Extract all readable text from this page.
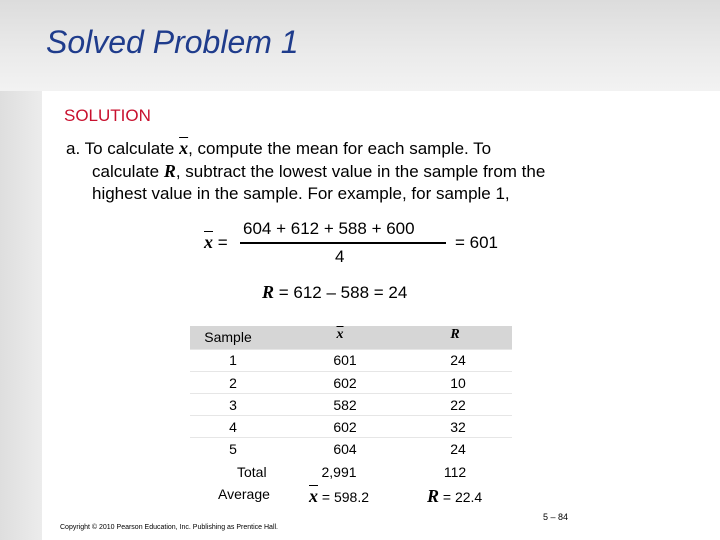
Solved Problem 1
SOLUTION
a. To calculate $\overline{x}$, compute the mean for each sample. To
calculate R, subtract the lowest value in the sample from the
highest value in the sample. For example, for sample 1,
$\overline{x}$ =
604 + 612 + 588 + 600
4
= 601
R = 612 – 588 = 24
Sample	$\overline{x}$	R
1	601	24
2	602	10
3	582	22
4	602	32
5	604	24
Total	2,991	112
Average $\overline{x} = 598.2$	R = 22.4
5 – 84
Copyright © 2010 Pearson Education, Inc. Publishing as Prentice Hall.
